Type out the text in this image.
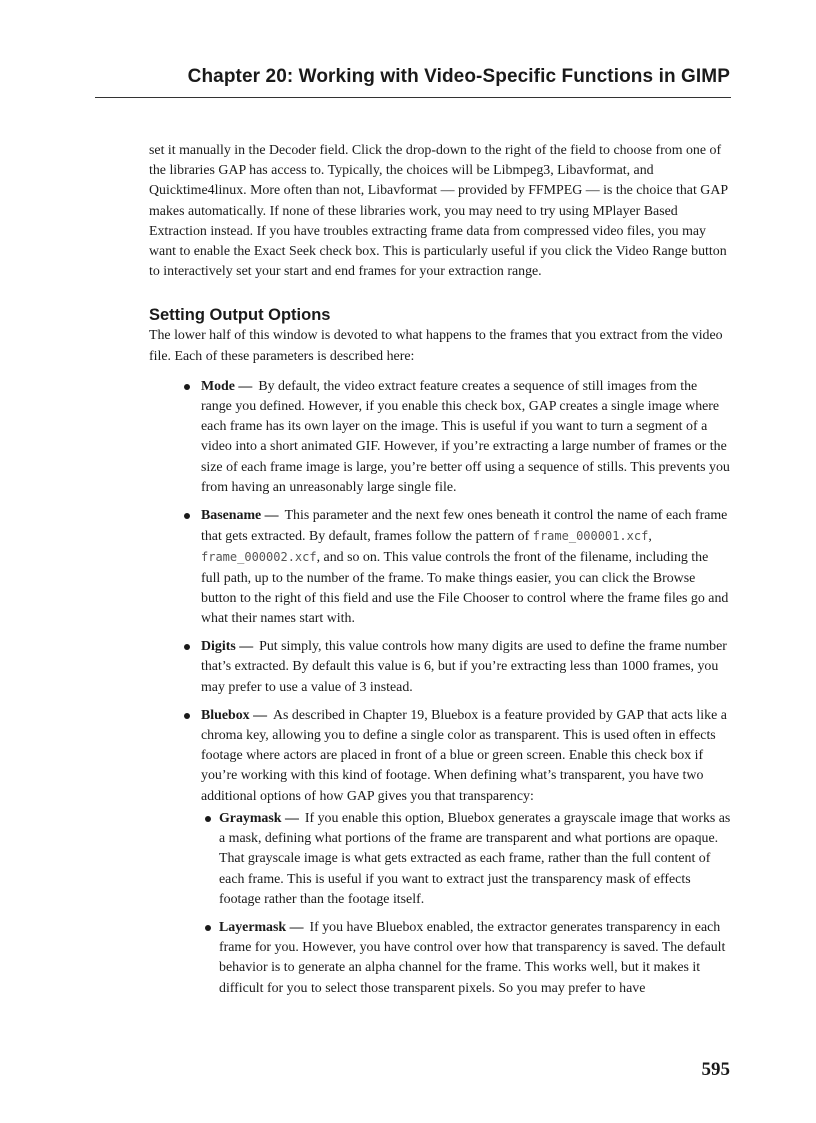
Chapter 20: Working with Video-Specific Functions in GIMP

set it manually in the Decoder field. Click the drop-down to the right of the field to choose from one of the libraries GAP has access to. Typically, the choices will be Libmpeg3, Libavformat, and Quicktime4linux. More often than not, Libavformat — provided by FFMPEG — is the choice that GAP makes automatically. If none of these libraries work, you may need to try using MPlayer Based Extraction instead. If you have troubles extracting frame data from compressed video files, you may want to enable the Exact Seek check box. This is particularly useful if you click the Video Range button to interactively set your start and end frames for your extraction range.

Setting Output Options

The lower half of this window is devoted to what happens to the frames that you extract from the video file. Each of these parameters is described here:

Mode — By default, the video extract feature creates a sequence of still images from the range you defined. However, if you enable this check box, GAP creates a single image where each frame has its own layer on the image. This is useful if you want to turn a segment of a video into a short animated GIF. However, if you’re extracting a large number of frames or the size of each frame image is large, you’re better off using a sequence of stills. This prevents you from having an unreasonably large single file.
Basename — This parameter and the next few ones beneath it control the name of each frame that gets extracted. By default, frames follow the pattern of frame_000001.xcf, frame_000002.xcf, and so on. This value controls the front of the filename, including the full path, up to the number of the frame. To make things easier, you can click the Browse button to the right of this field and use the File Chooser to control where the frame files go and what their names start with.
Digits — Put simply, this value controls how many digits are used to define the frame number that’s extracted. By default this value is 6, but if you’re extracting less than 1000 frames, you may prefer to use a value of 3 instead.
Bluebox — As described in Chapter 19, Bluebox is a feature provided by GAP that acts like a chroma key, allowing you to define a single color as transparent. This is used often in effects footage where actors are placed in front of a blue or green screen. Enable this check box if you’re working with this kind of footage. When defining what’s transparent, you have two additional options of how GAP gives you that transparency:
Graymask — If you enable this option, Bluebox generates a grayscale image that works as a mask, defining what portions of the frame are transparent and what portions are opaque. That grayscale image is what gets extracted as each frame, rather than the full content of each frame. This is useful if you want to extract just the transparency mask of effects footage rather than the footage itself.
Layermask — If you have Bluebox enabled, the extractor generates transparency in each frame for you. However, you have control over how that transparency is saved. The default behavior is to generate an alpha channel for the frame. This works well, but it makes it difficult for you to select those transparent pixels. So you may prefer to have
595
